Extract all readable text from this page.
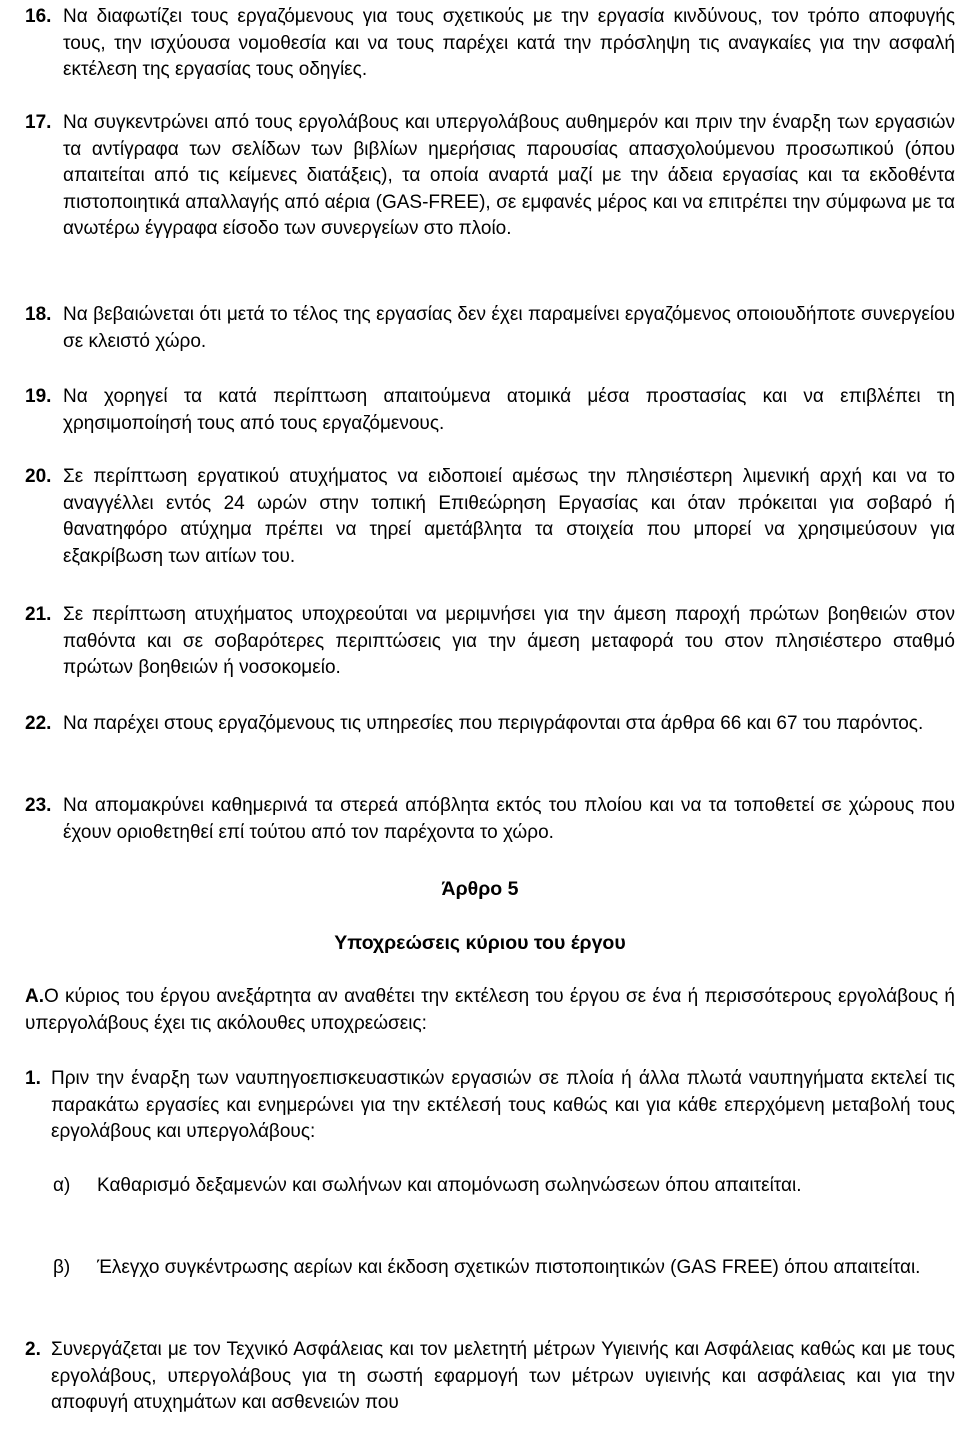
16. Να διαφωτίζει τους εργαζόμενους για τους σχετικούς με την εργασία κινδύνους, τον τρόπο αποφυγής τους, την ισχύουσα νομοθεσία και να τους παρέχει κατά την πρόσληψη τις αναγκαίες για την ασφαλή εκτέλεση της εργασίας τους οδηγίες.
17. Να συγκεντρώνει από τους εργολάβους και υπεργολάβους αυθημερόν και πριν την έναρξη των εργασιών τα αντίγραφα των σελίδων των βιβλίων ημερήσιας παρουσίας απασχολούμενου προσωπικού (όπου απαιτείται από τις κείμενες διατάξεις), τα οποία αναρτά μαζί με την άδεια εργασίας και τα εκδοθέντα πιστοποιητικά απαλλαγής από αέρια (GAS-FREE), σε εμφανές μέρος και να επιτρέπει την σύμφωνα με τα ανωτέρω έγγραφα είσοδο των συνεργείων στο πλοίο.
18. Να βεβαιώνεται ότι μετά το τέλος της εργασίας δεν έχει παραμείνει εργαζόμενος οποιουδήποτε συνεργείου σε κλειστό χώρο.
19. Να χορηγεί τα κατά περίπτωση απαιτούμενα ατομικά μέσα προστασίας και να επιβλέπει τη χρησιμοποίησή τους από τους εργαζόμενους.
20. Σε περίπτωση εργατικού ατυχήματος να ειδοποιεί αμέσως την πλησιέστερη λιμενική αρχή και να το αναγγέλλει εντός 24 ωρών στην τοπική Επιθεώρηση Εργασίας και όταν πρόκειται για σοβαρό ή θανατηφόρο ατύχημα πρέπει να τηρεί αμετάβλητα τα στοιχεία που μπορεί να χρησιμεύσουν για εξακρίβωση των αιτίων του.
21. Σε περίπτωση ατυχήματος υποχρεούται να μεριμνήσει για την άμεση παροχή πρώτων βοηθειών στον παθόντα και σε σοβαρότερες περιπτώσεις για την άμεση μεταφορά του στον πλησιέστερο σταθμό πρώτων βοηθειών ή νοσοκομείο.
22. Να παρέχει στους εργαζόμενους τις υπηρεσίες που περιγράφονται στα άρθρα 66 και 67 του παρόντος.
23. Να απομακρύνει καθημερινά τα στερεά απόβλητα εκτός του πλοίου και να τα τοποθετεί σε χώρους που έχουν οριοθετηθεί επί τούτου από τον παρέχοντα το χώρο.
Άρθρο 5
Υποχρεώσεις κύριου του έργου
Α.Ο κύριος του έργου ανεξάρτητα αν αναθέτει την εκτέλεση του έργου σε ένα ή περισσότερους εργολάβους ή υπεργολάβους έχει τις ακόλουθες υποχρεώσεις:
1. Πριν την έναρξη των ναυπηγοεπισκευαστικών εργασιών σε πλοία ή άλλα πλωτά ναυπηγήματα εκτελεί τις παρακάτω εργασίες και ενημερώνει για την εκτέλεσή τους καθώς και για κάθε επερχόμενη μεταβολή τους εργολάβους και υπεργολάβους:
α)	Καθαρισμό δεξαμενών και σωλήνων και απομόνωση σωληνώσεων όπου απαιτείται.
β)	Έλεγχο συγκέντρωσης αερίων και έκδοση σχετικών πιστοποιητικών (GAS FREE) όπου απαιτείται.
2. Συνεργάζεται με τον Τεχνικό Ασφάλειας και τον μελετητή μέτρων Υγιεινής και Ασφάλειας καθώς και με τους εργολάβους, υπεργολάβους για τη σωστή εφαρμογή των μέτρων υγιεινής και ασφάλειας και για την αποφυγή ατυχημάτων και ασθενειών που
